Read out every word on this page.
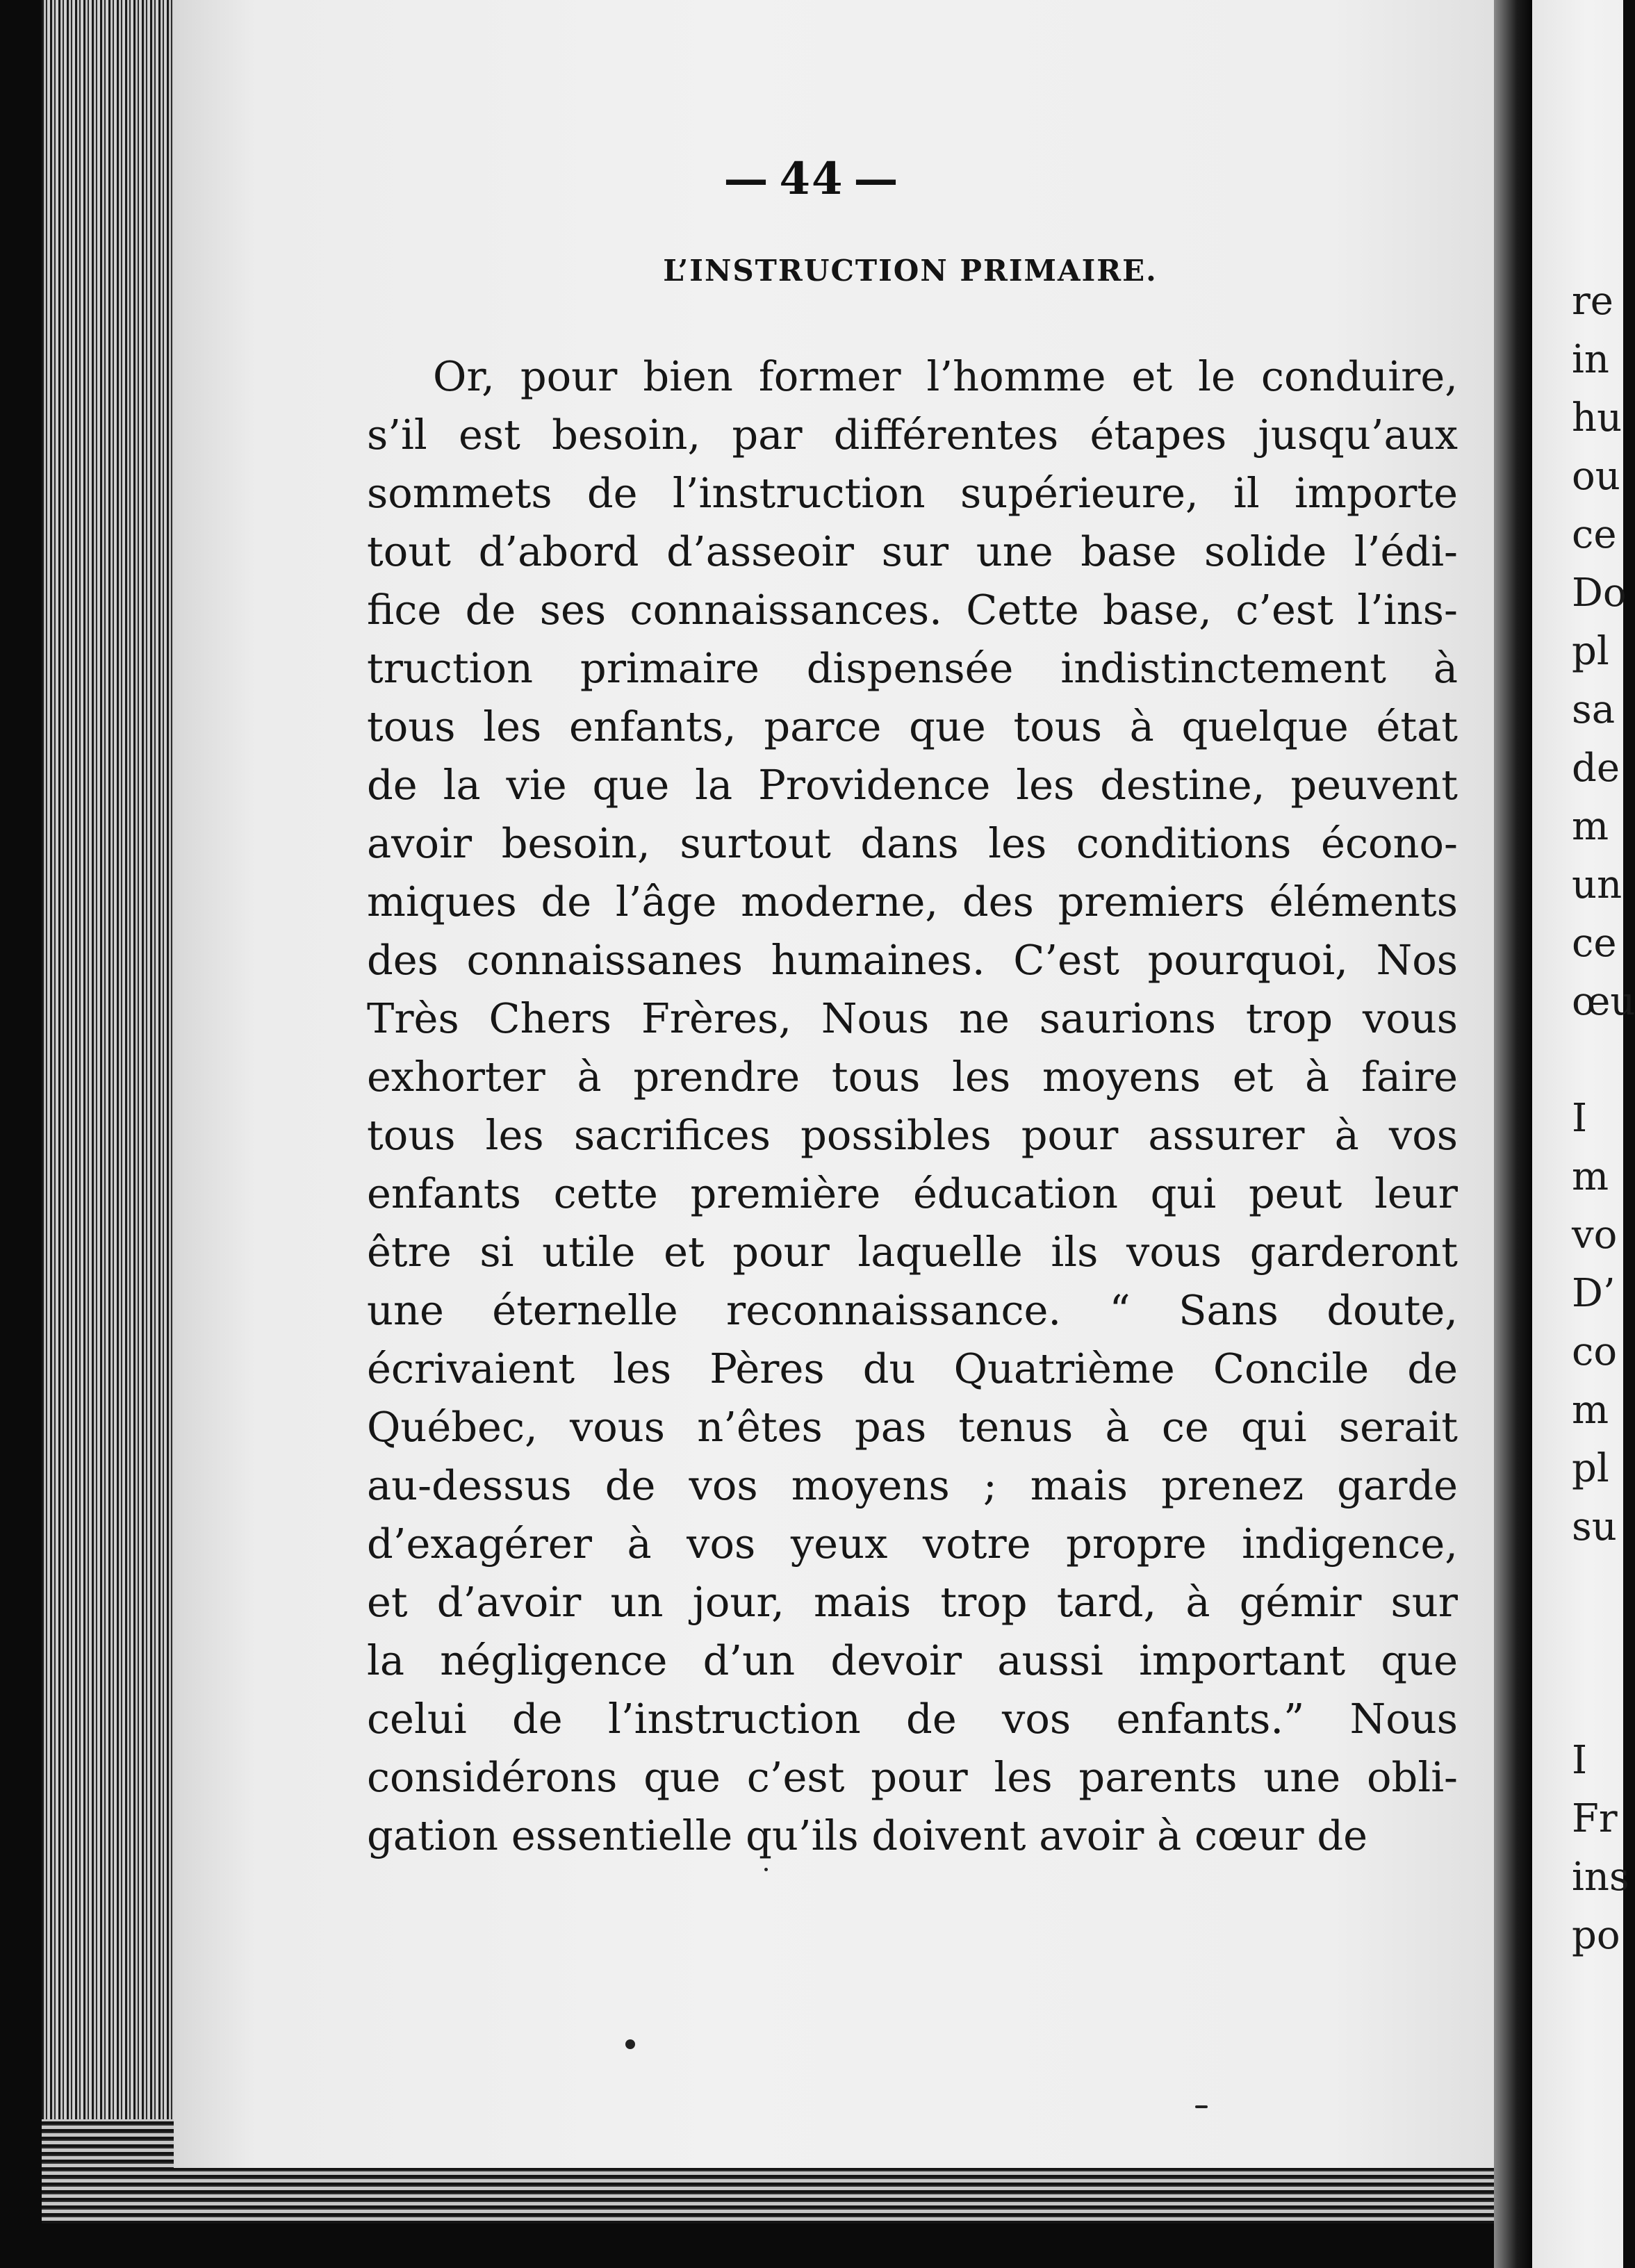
— 44 —
L’INSTRUCTION PRIMAIRE.
Or, pour bien former l’homme et le conduire,
s’il est besoin, par différentes étapes jusqu’aux
sommets de l’instruction supérieure, il importe
tout d’abord d’asseoir sur une base solide l’édi-
fice de ses connaissances. Cette base, c’est l’ins-
truction primaire dispensée indistinctement à
tous les enfants, parce que tous à quelque état
de la vie que la Providence les destine, peuvent
avoir besoin, surtout dans les conditions écono-
miques de l’âge moderne, des premiers éléments
des connaissanes humaines. C’est pourquoi, Nos
Très Chers Frères, Nous ne saurions trop vous
exhorter à prendre tous les moyens et à faire
tous les sacrifices possibles pour assurer à vos
enfants cette première éducation qui peut leur
être si utile et pour laquelle ils vous garderont
une éternelle reconnaissance. “ Sans doute,
écrivaient les Pères du Quatrième Concile de
Québec, vous n’êtes pas tenus à ce qui serait
au-dessus de vos moyens ; mais prenez garde
d’exagérer à vos yeux votre propre indigence,
et d’avoir un jour, mais trop tard, à gémir sur
la négligence d’un devoir aussi important que
celui de l’instruction de vos enfants.” Nous
considérons que c’est pour les parents une obli-
gation essentielle qu’ils doivent avoir à cœur de
re
in
hu
ou
ce
Do
pl
sa
de
m
un
ce
œu
I
m
vo
D’
co
m
pl
su
I
Fr
ins
po
